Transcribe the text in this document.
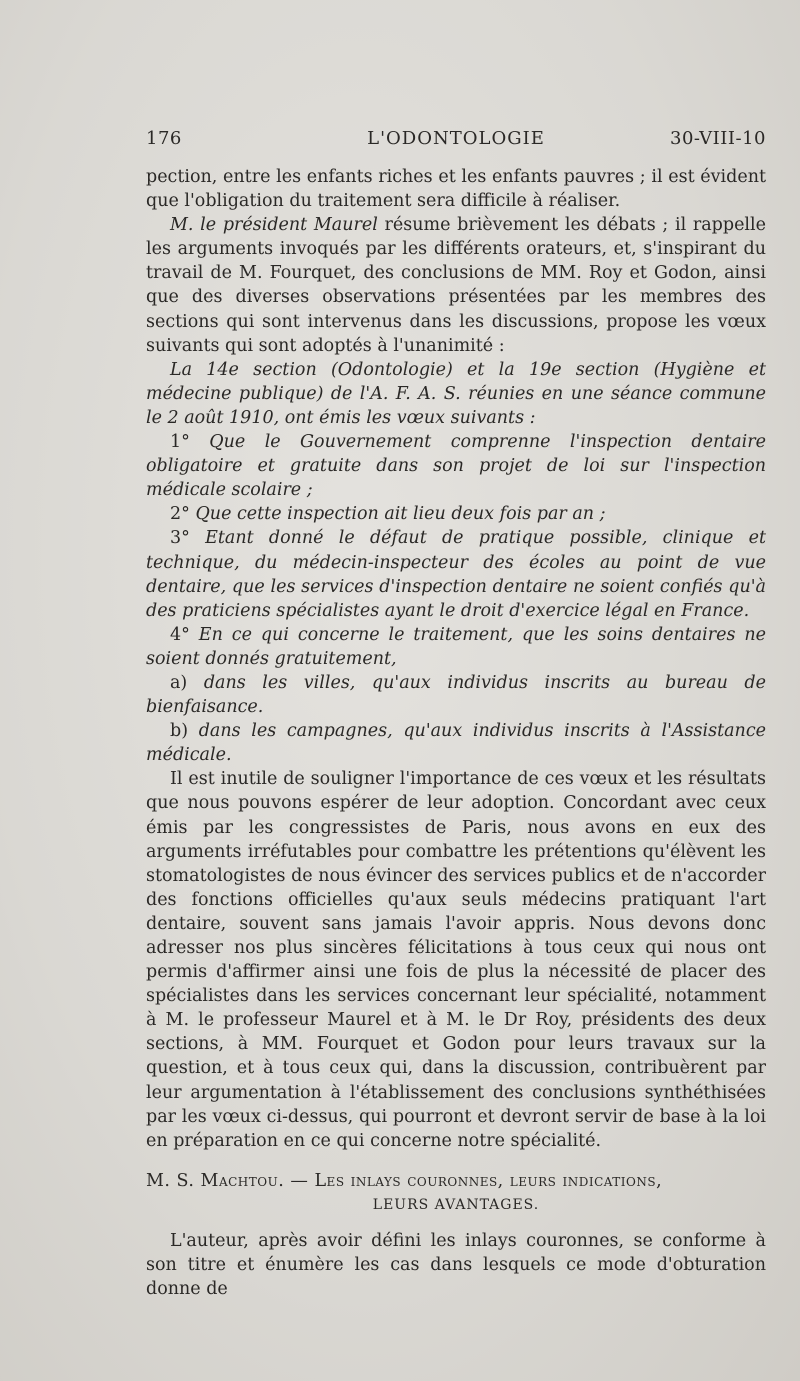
176	L'ODONTOLOGIE	30-VIII-10

pection, entre les enfants riches et les enfants pauvres ; il est évident que l'obligation du traitement sera difficile à réaliser.

M. le président Maurel résume brièvement les débats ; il rappelle les arguments invoqués par les différents orateurs, et, s'inspirant du travail de M. Fourquet, des conclusions de MM. Roy et Godon, ainsi que des diverses observations présentées par les membres des sections qui sont intervenus dans les discussions, propose les vœux suivants qui sont adoptés à l'unanimité :

La 14e section (Odontologie) et la 19e section (Hygiène et médecine publique) de l'A. F. A. S. réunies en une séance commune le 2 août 1910, ont émis les vœux suivants :

1° Que le Gouvernement comprenne l'inspection dentaire obligatoire et gratuite dans son projet de loi sur l'inspection médicale scolaire ;

2° Que cette inspection ait lieu deux fois par an ;

3° Etant donné le défaut de pratique possible, clinique et technique, du médecin-inspecteur des écoles au point de vue dentaire, que les services d'inspection dentaire ne soient confiés qu'à des praticiens spécialistes ayant le droit d'exercice légal en France.

4° En ce qui concerne le traitement, que les soins dentaires ne soient donnés gratuitement,

a) dans les villes, qu'aux individus inscrits au bureau de bienfaisance.

b) dans les campagnes, qu'aux individus inscrits à l'Assistance médicale.

Il est inutile de souligner l'importance de ces vœux et les résultats que nous pouvons espérer de leur adoption. Concordant avec ceux émis par les congressistes de Paris, nous avons en eux des arguments irréfutables pour combattre les prétentions qu'élèvent les stomatologistes de nous évincer des services publics et de n'accorder des fonctions officielles qu'aux seuls médecins pratiquant l'art dentaire, souvent sans jamais l'avoir appris. Nous devons donc adresser nos plus sincères félicitations à tous ceux qui nous ont permis d'affirmer ainsi une fois de plus la nécessité de placer des spécialistes dans les services concernant leur spécialité, notamment à M. le professeur Maurel et à M. le Dr Roy, présidents des deux sections, à MM. Fourquet et Godon pour leurs travaux sur la question, et à tous ceux qui, dans la discussion, contribuèrent par leur argumentation à l'établissement des conclusions synthéthisées par les vœux ci-dessus, qui pourront et devront servir de base à la loi en préparation en ce qui concerne notre spécialité.

M. S. Machtou. — Les inlays couronnes, leurs indications,

LEURS AVANTAGES.

L'auteur, après avoir défini les inlays couronnes, se conforme à son titre et énumère les cas dans lesquels ce mode d'obturation donne de
